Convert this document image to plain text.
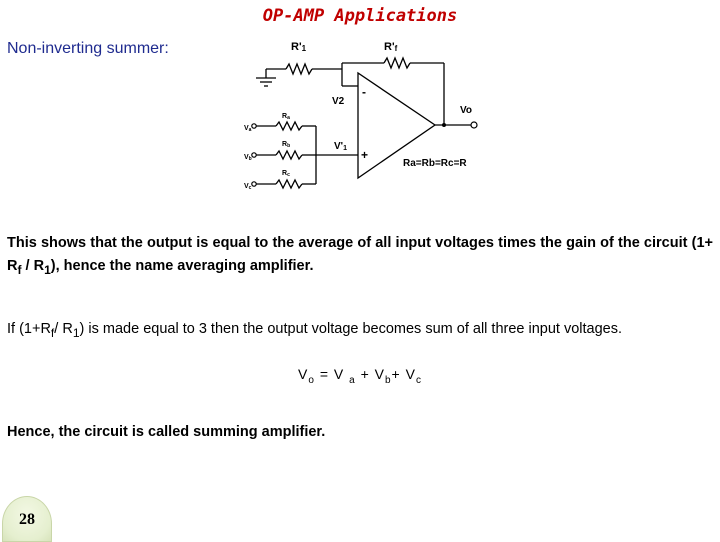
OP-AMP Applications
Non-inverting summer:	R'1	R'f
V2
V'1
Vo
-
+
Ra
Rb
Rc
Va
Vb
Vc
Ra=Rb=Rc=R
This shows that the output is equal to the average of all input voltages times the gain of the circuit $(1+ R_f / R_1)$, hence the name averaging amplifier.
If ($1+R_f/$ $R_1$) is made equal to 3 then the output voltage becomes sum of all three input voltages.
$V_o = V$ $_a + V_b+ V_c$
Hence, the circuit is called summing amplifier.
28
